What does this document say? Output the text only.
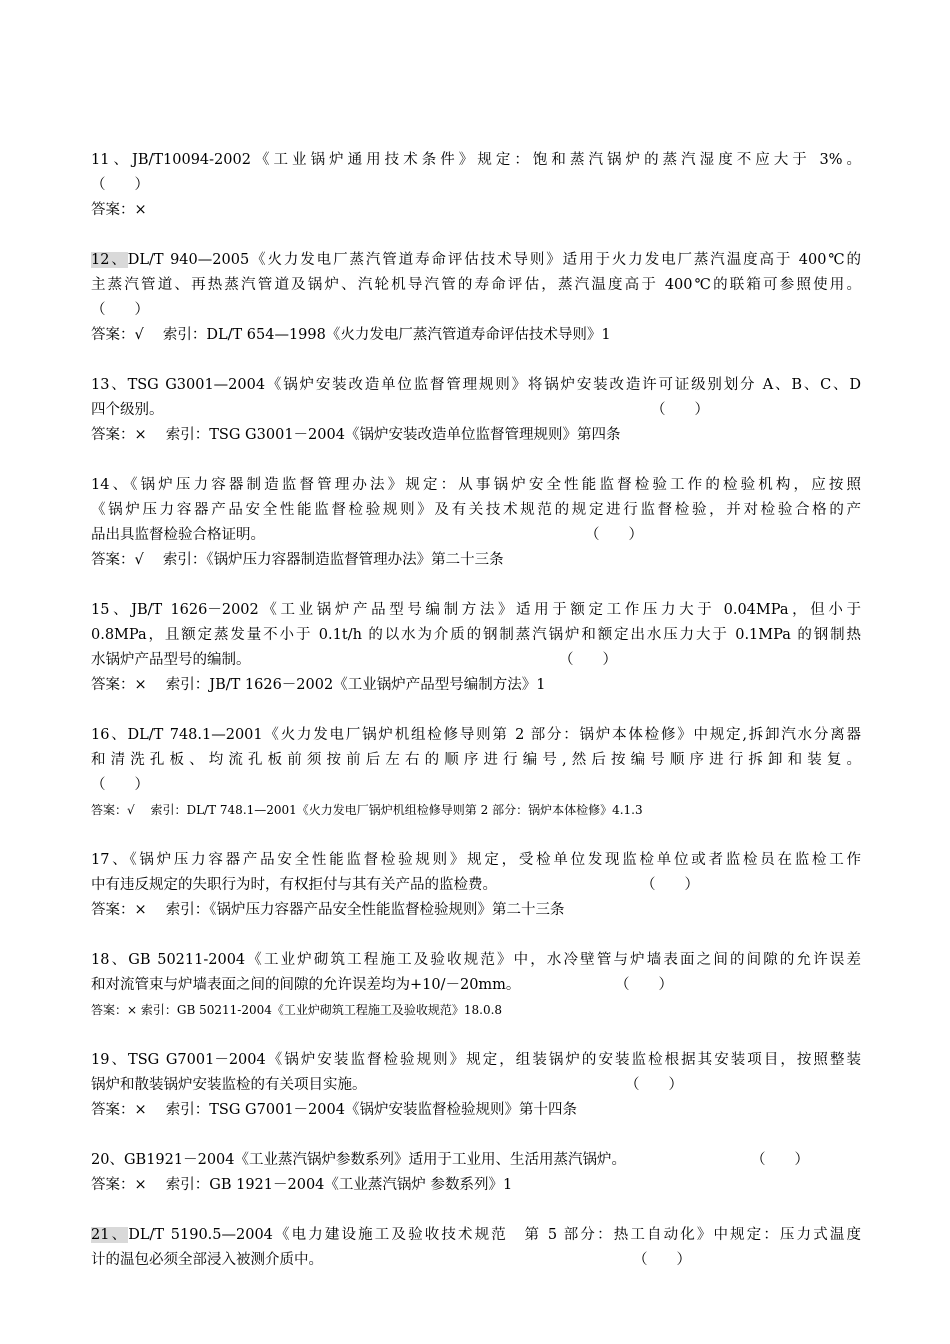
11、JB/T10094-2002《工业锅炉通用技术条件》规定：饱和蒸汽锅炉的蒸汽湿度不应大于 3%。
（　　）
答案：×
12、DL/T 940—2005《火力发电厂蒸汽管道寿命评估技术导则》适用于火力发电厂蒸汽温度高于 400℃的
主蒸汽管道、再热蒸汽管道及锅炉、汽轮机导汽管的寿命评估，蒸汽温度高于 400℃的联箱可参照使用。
（　　）
答案：√　 索引：DL/T 654—1998《火力发电厂蒸汽管道寿命评估技术导则》1
13、TSG G3001—2004《锅炉安装改造单位监督管理规则》将锅炉安装改造许可证级别划分 A、B、C、D
四个级别。	（　　）
答案：×　 索引：TSG G3001－2004《锅炉安装改造单位监督管理规则》第四条
14、《锅炉压力容器制造监督管理办法》规定：从事锅炉安全性能监督检验工作的检验机构，应按照
《锅炉压力容器产品安全性能监督检验规则》及有关技术规范的规定进行监督检验，并对检验合格的产
品出具监督检验合格证明。	（　　）
答案：√　 索引：《锅炉压力容器制造监督管理办法》第二十三条
15、JB/T 1626－2002《工业锅炉产品型号编制方法》适用于额定工作压力大于 0.04MPa，但小于
0.8MPa，且额定蒸发量不小于 0.1t/h 的以水为介质的钢制蒸汽锅炉和额定出水压力大于 0.1MPa 的钢制热
水锅炉产品型号的编制。	（　　）
答案：×　 索引：JB/T 1626－2002《工业锅炉产品型号编制方法》1
16、DL/T 748.1—2001《火力发电厂锅炉机组检修导则第 2 部分：锅炉本体检修》中规定,拆卸汽水分离器
和清洗孔板、均流孔板前须按前后左右的顺序进行编号,然后按编号顺序进行拆卸和装复。
（　　）
答案：√　 索引：DL/T 748.1—2001《火力发电厂锅炉机组检修导则第 2 部分：锅炉本体检修》4.1.3
17、《锅炉压力容器产品安全性能监督检验规则》规定，受检单位发现监检单位或者监检员在监检工作
中有违反规定的失职行为时，有权拒付与其有关产品的监检费。	（　　）
答案：×　 索引：《锅炉压力容器产品安全性能监督检验规则》第二十三条
18、GB 50211-2004《工业炉砌筑工程施工及验收规范》中，水冷壁管与炉墙表面之间的间隙的允许误差
和对流管束与炉墙表面之间的间隙的允许误差均为+10/－20mm。	（　　）
答案：× 索引：GB 50211-2004《工业炉砌筑工程施工及验收规范》18.0.8
19、TSG G7001－2004《锅炉安装监督检验规则》规定，组装锅炉的安装监检根据其安装项目，按照整装
锅炉和散装锅炉安装监检的有关项目实施。	（　　）
答案：×　 索引：TSG G7001－2004《锅炉安装监督检验规则》第十四条
20、GB1921－2004《工业蒸汽锅炉参数系列》适用于工业用、生活用蒸汽锅炉。	（　　）
答案：×　 索引：GB 1921－2004《工业蒸汽锅炉 参数系列》1
21、DL/T 5190.5—2004《电力建设施工及验收技术规范　第 5 部分：热工自动化》中规定：压力式温度
计的温包必须全部浸入被测介质中。	（　　）
